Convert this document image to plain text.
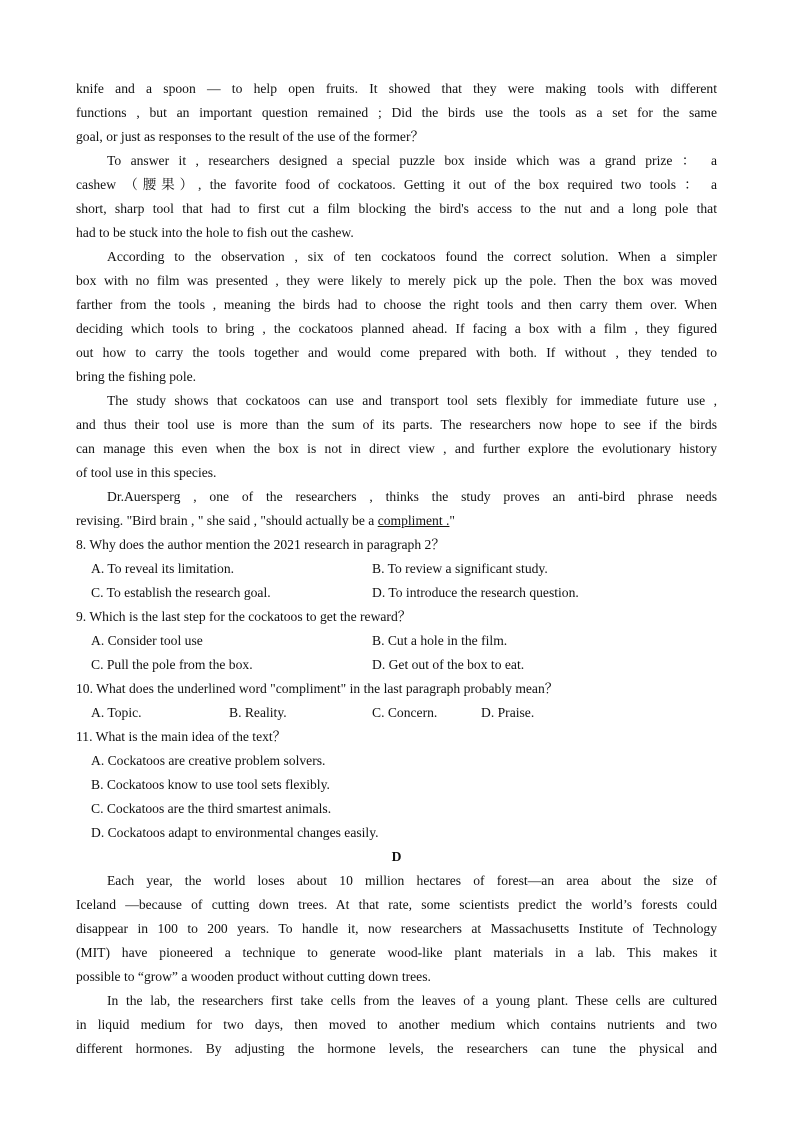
knife and a spoon — to help open fruits. It showed that they were making tools with different
functions , but an important question remained ; Did the birds use the tools as a set for the same
goal, or just as responses to the result of the use of the former？
To answer it , researchers designed a special puzzle box inside which was a grand prize ： a
cashew （腰果）, the favorite food of cockatoos. Getting it out of the box required two tools ： a
short, sharp tool that had to first cut a film blocking the bird's access to the nut and a long pole that
had to be stuck into the hole to fish out the cashew.
According to the observation , six of ten cockatoos found the correct solution. When a simpler
box with no film was presented , they were likely to merely pick up the pole. Then the box was moved
farther from the tools , meaning the birds had to choose the right tools and then carry them over. When
deciding which tools to bring , the cockatoos planned ahead. If facing a box with a film , they figured
out how to carry the tools together and would come prepared with both. If without , they tended to
bring the fishing pole.
The study shows that cockatoos can use and transport tool sets flexibly for immediate future use ,
and thus their tool use is more than the sum of its parts. The researchers now hope to see if the birds
can manage this even when the box is not in direct view , and further explore the evolutionary history
of tool use in this species.
Dr.Auersperg , one of the researchers , thinks the study proves an anti-bird phrase needs
revising. "Bird brain , " she said , "should actually be a compliment ."
8. Why does the author mention the 2021 research in paragraph 2？
A. To reveal its limitation.	B. To review a significant study.
C. To establish the research goal.	D. To introduce the research question.
9. Which is the last step for the cockatoos to get the reward？
A. Consider tool use	B. Cut a hole in the film.
C. Pull the pole from the box.	D. Get out of the box to eat.
10. What does the underlined word "compliment" in the last paragraph probably mean？
A. Topic.	B. Reality.	C. Concern.	D. Praise.
11. What is the main idea of the text？
A. Cockatoos are creative problem solvers.
B. Cockatoos know to use tool sets flexibly.
C. Cockatoos are the third smartest animals.
D. Cockatoos adapt to environmental changes easily.
D
Each year, the world loses about 10 million hectares of forest—an area about the size of
Iceland —because of cutting down trees. At that rate, some scientists predict the world’s forests could
disappear in 100 to 200 years. To handle it, now researchers at Massachusetts Institute of Technology
(MIT) have pioneered a technique to generate wood-like plant materials in a lab. This makes it
possible to “grow” a wooden product without cutting down trees.
In the lab, the researchers first take cells from the leaves of a young plant. These cells are cultured
in liquid medium for two days, then moved to another medium which contains nutrients and two
different hormones. By adjusting the hormone levels, the researchers can tune the physical and
